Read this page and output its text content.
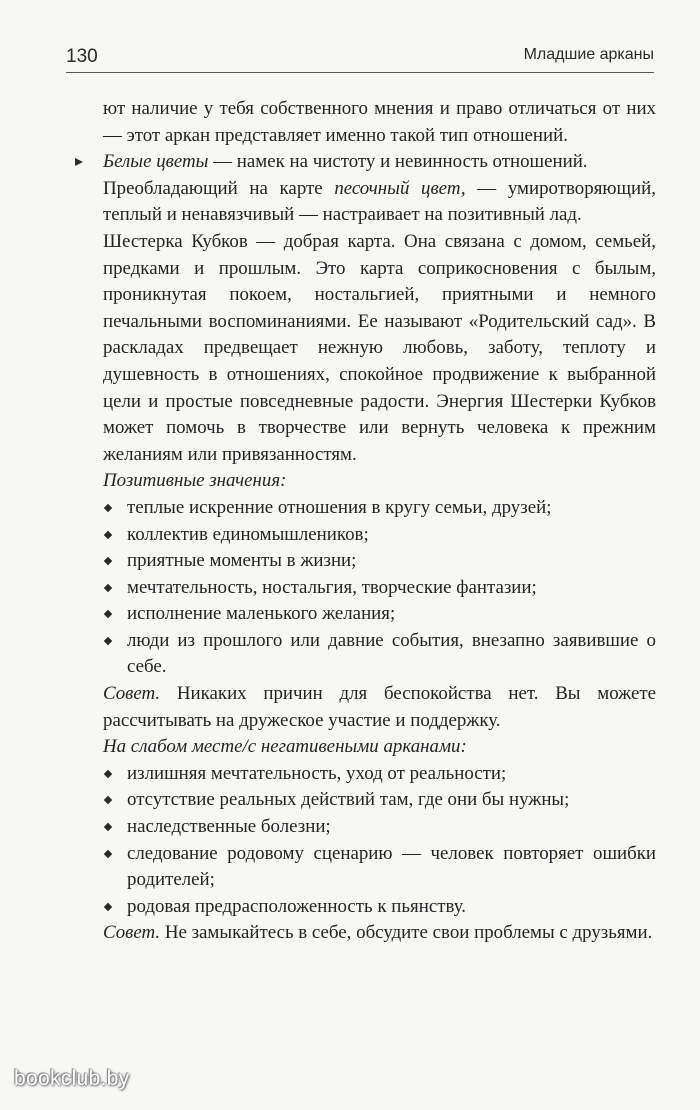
130	Младшие арканы

ют наличие у тебя собственного мнения и право отличаться от них — этот аркан представляет именно такой тип отношений.

Белые цветы — намек на чистоту и невинность отношений.

Преобладающий на карте песочный цвет, — умиротворяющий, теплый и ненавязчивый — настраивает на позитивный лад.

Шестерка Кубков — добрая карта. Она связана с домом, семьей, предками и прошлым. Это карта соприкосновения с былым, проникнутая покоем, ностальгией, приятными и немного печальными воспоминаниями. Ее называют «Родительский сад». В раскладах предвещает нежную любовь, заботу, теплоту и душевность в отношениях, спокойное продвижение к выбранной цели и простые повседневные радости. Энергия Шестерки Кубков может помочь в творчестве или вернуть человека к прежним желаниям или привязанностям.

Позитивные значения:

теплые искренние отношения в кругу семьи, друзей;
коллектив единомышлеников;
приятные моменты в жизни;
мечтательность, ностальгия, творческие фантазии;
исполнение маленького желания;
люди из прошлого или давние события, внезапно заявившие о себе.

Совет. Никаких причин для беспокойства нет. Вы можете рассчитывать на дружеское участие и поддержку.

На слабом месте/с негативеными арканами:

излишняя мечтательность, уход от реальности;
отсутствие реальных действий там, где они бы нужны;
наследственные болезни;
следование родовому сценарию — человек повторяет ошибки родителей;
родовая предрасположенность к пьянству.

Совет. Не замыкайтесь в себе, обсудите свои проблемы с друзьями.

bookclub.by
